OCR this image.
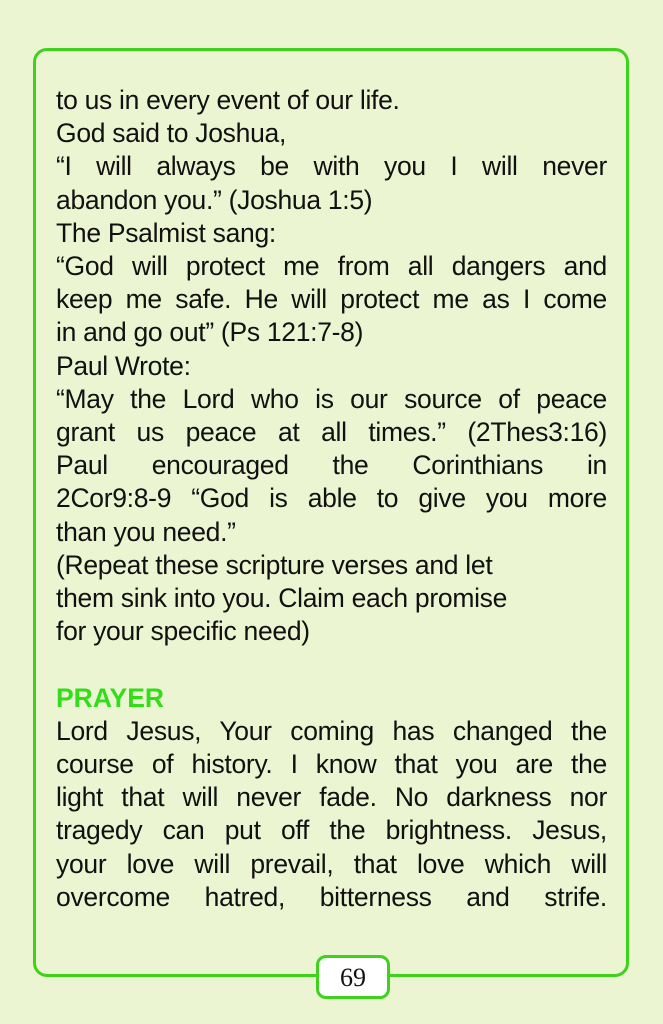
to us in every event of our life.

God said to Joshua,

“I will always be with you I will never

abandon you.” (Joshua 1:5)

The Psalmist sang:

“God will protect me from all dangers and

keep me safe. He will protect me as I come

in and go out” (Ps 121:7-8)

Paul Wrote:

“May the Lord who is our source of peace

grant us peace at all times.” (2Thes3:16)

Paul encouraged the Corinthians in

2Cor9:8-9 “God is able to give you more

than you need.”

(Repeat these scripture verses and let

them sink into you. Claim each promise

for your specific need)

PRAYER

Lord Jesus, Your coming has changed the

course of history. I know that you are the

light that will never fade. No darkness nor

tragedy can put off the brightness. Jesus,

your love will prevail, that love which will

overcome hatred, bitterness and strife.

69
